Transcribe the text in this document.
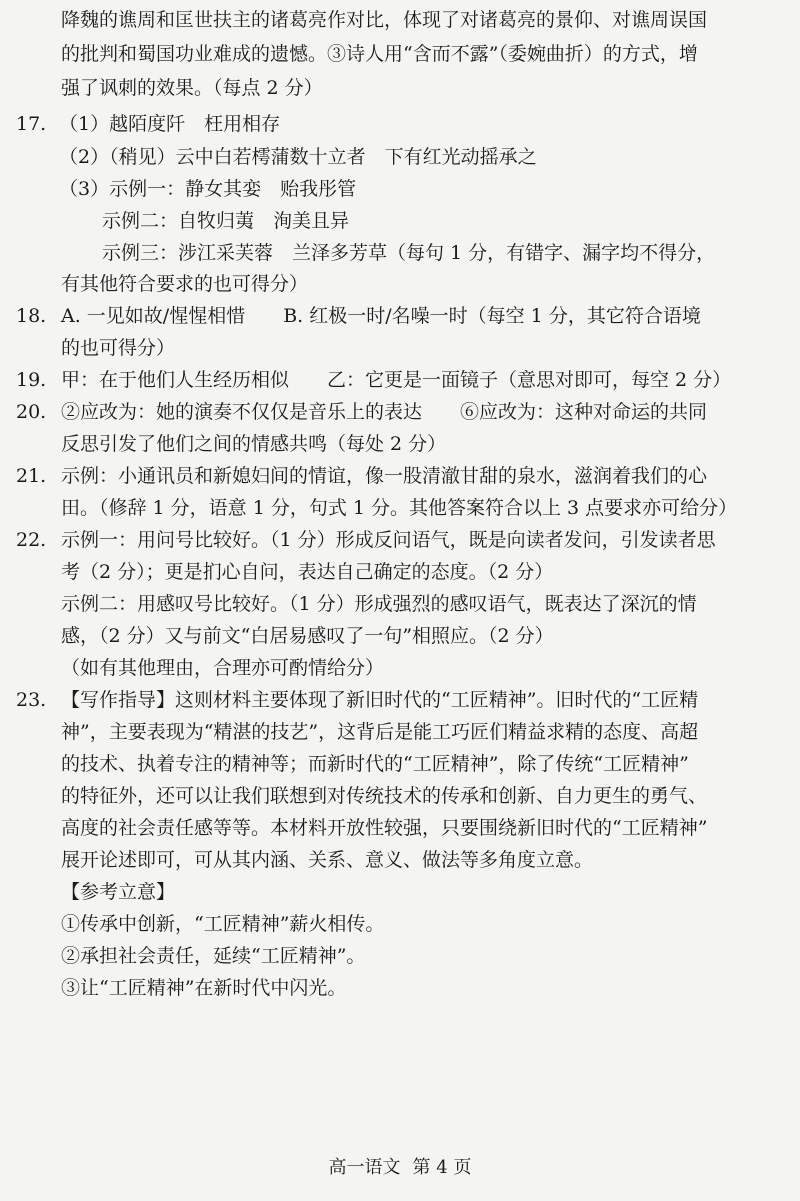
降魏的谯周和匡世扶主的诸葛亮作对比，体现了对诸葛亮的景仰、对谯周误国
的批判和蜀国功业难成的遗憾。③诗人用“含而不露”（委婉曲折）的方式，增
强了讽刺的效果。（每点 2 分）
17. （1）越陌度阡　枉用相存
（2）（稍见）云中白若樗蒲数十立者　下有红光动摇承之
（3）示例一：静女其娈　贻我彤管
示例二：自牧归荑　洵美且异
示例三：涉江采芙蓉　兰泽多芳草（每句 1 分，有错字、漏字均不得分，
有其他符合要求的也可得分）
18. A. 一见如故/惺惺相惜　　B. 红极一时/名噪一时（每空 1 分，其它符合语境
的也可得分）
19. 甲：在于他们人生经历相似　　乙：它更是一面镜子（意思对即可，每空 2 分）
20. ②应改为：她的演奏不仅仅是音乐上的表达　　⑥应改为：这种对命运的共同
反思引发了他们之间的情感共鸣（每处 2 分）
21. 示例：小通讯员和新媳妇间的情谊，像一股清澈甘甜的泉水，滋润着我们的心
田。（修辞 1 分，语意 1 分，句式 1 分。其他答案符合以上 3 点要求亦可给分）
22. 示例一：用问号比较好。（1 分）形成反问语气，既是向读者发问，引发读者思
考（2 分）；更是扪心自问，表达自己确定的态度。（2 分）
示例二：用感叹号比较好。（1 分）形成强烈的感叹语气，既表达了深沉的情
感，（2 分）又与前文“白居易感叹了一句”相照应。（2 分）
（如有其他理由，合理亦可酌情给分）
23. 【写作指导】这则材料主要体现了新旧时代的“工匠精神”。旧时代的“工匠精
神”，主要表现为“精湛的技艺”，这背后是能工巧匠们精益求精的态度、高超
的技术、执着专注的精神等；而新时代的“工匠精神”，除了传统“工匠精神”
的特征外，还可以让我们联想到对传统技术的传承和创新、自力更生的勇气、
高度的社会责任感等等。本材料开放性较强，只要围绕新旧时代的“工匠精神”
展开论述即可，可从其内涵、关系、意义、做法等多角度立意。
【参考立意】
①传承中创新，“工匠精神”薪火相传。
②承担社会责任，延续“工匠精神”。
③让“工匠精神”在新时代中闪光。
高一语文 第 4 页
